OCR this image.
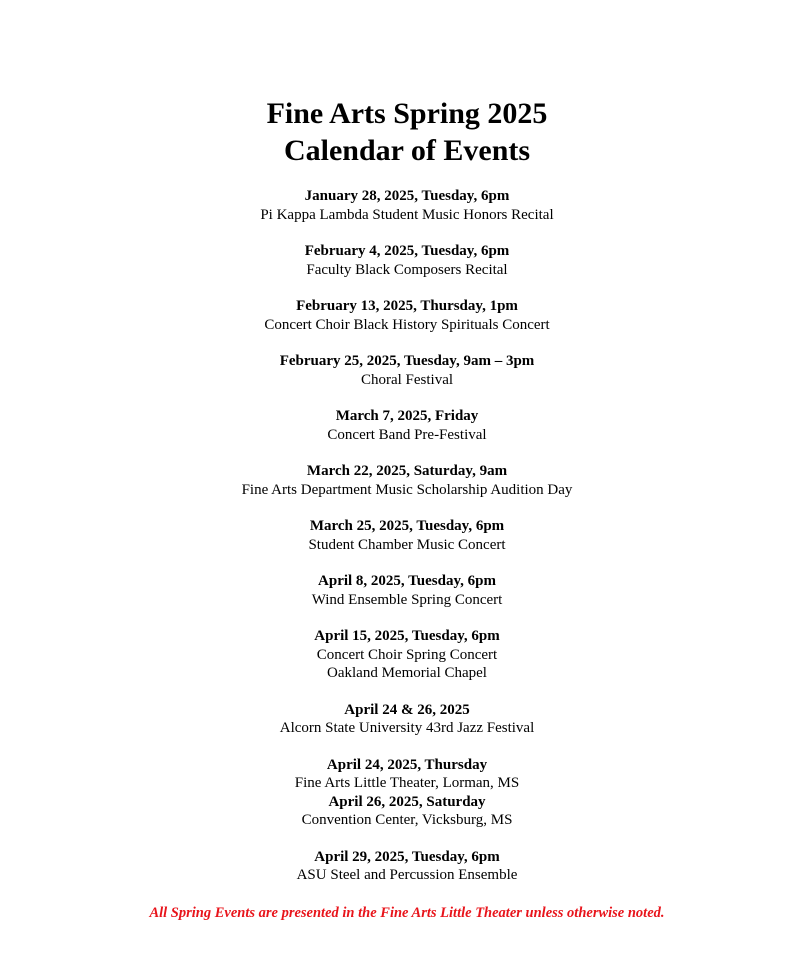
Fine Arts Spring 2025
Calendar of Events
January 28, 2025, Tuesday, 6pm
Pi Kappa Lambda Student Music Honors Recital
February 4, 2025, Tuesday, 6pm
Faculty Black Composers Recital
February 13, 2025, Thursday, 1pm
Concert Choir Black History Spirituals Concert
February 25, 2025, Tuesday, 9am – 3pm
Choral Festival
March 7, 2025, Friday
Concert Band Pre-Festival
March 22, 2025, Saturday, 9am
Fine Arts Department Music Scholarship Audition Day
March 25, 2025, Tuesday, 6pm
Student Chamber Music Concert
April 8, 2025, Tuesday, 6pm
Wind Ensemble Spring Concert
April 15, 2025, Tuesday, 6pm
Concert Choir Spring Concert
Oakland Memorial Chapel
April 24 & 26, 2025
Alcorn State University 43rd Jazz Festival
April 24, 2025, Thursday
Fine Arts Little Theater, Lorman, MS
April 26, 2025, Saturday
Convention Center, Vicksburg, MS
April 29, 2025, Tuesday, 6pm
ASU Steel and Percussion Ensemble
All Spring Events are presented in the Fine Arts Little Theater unless otherwise noted.
